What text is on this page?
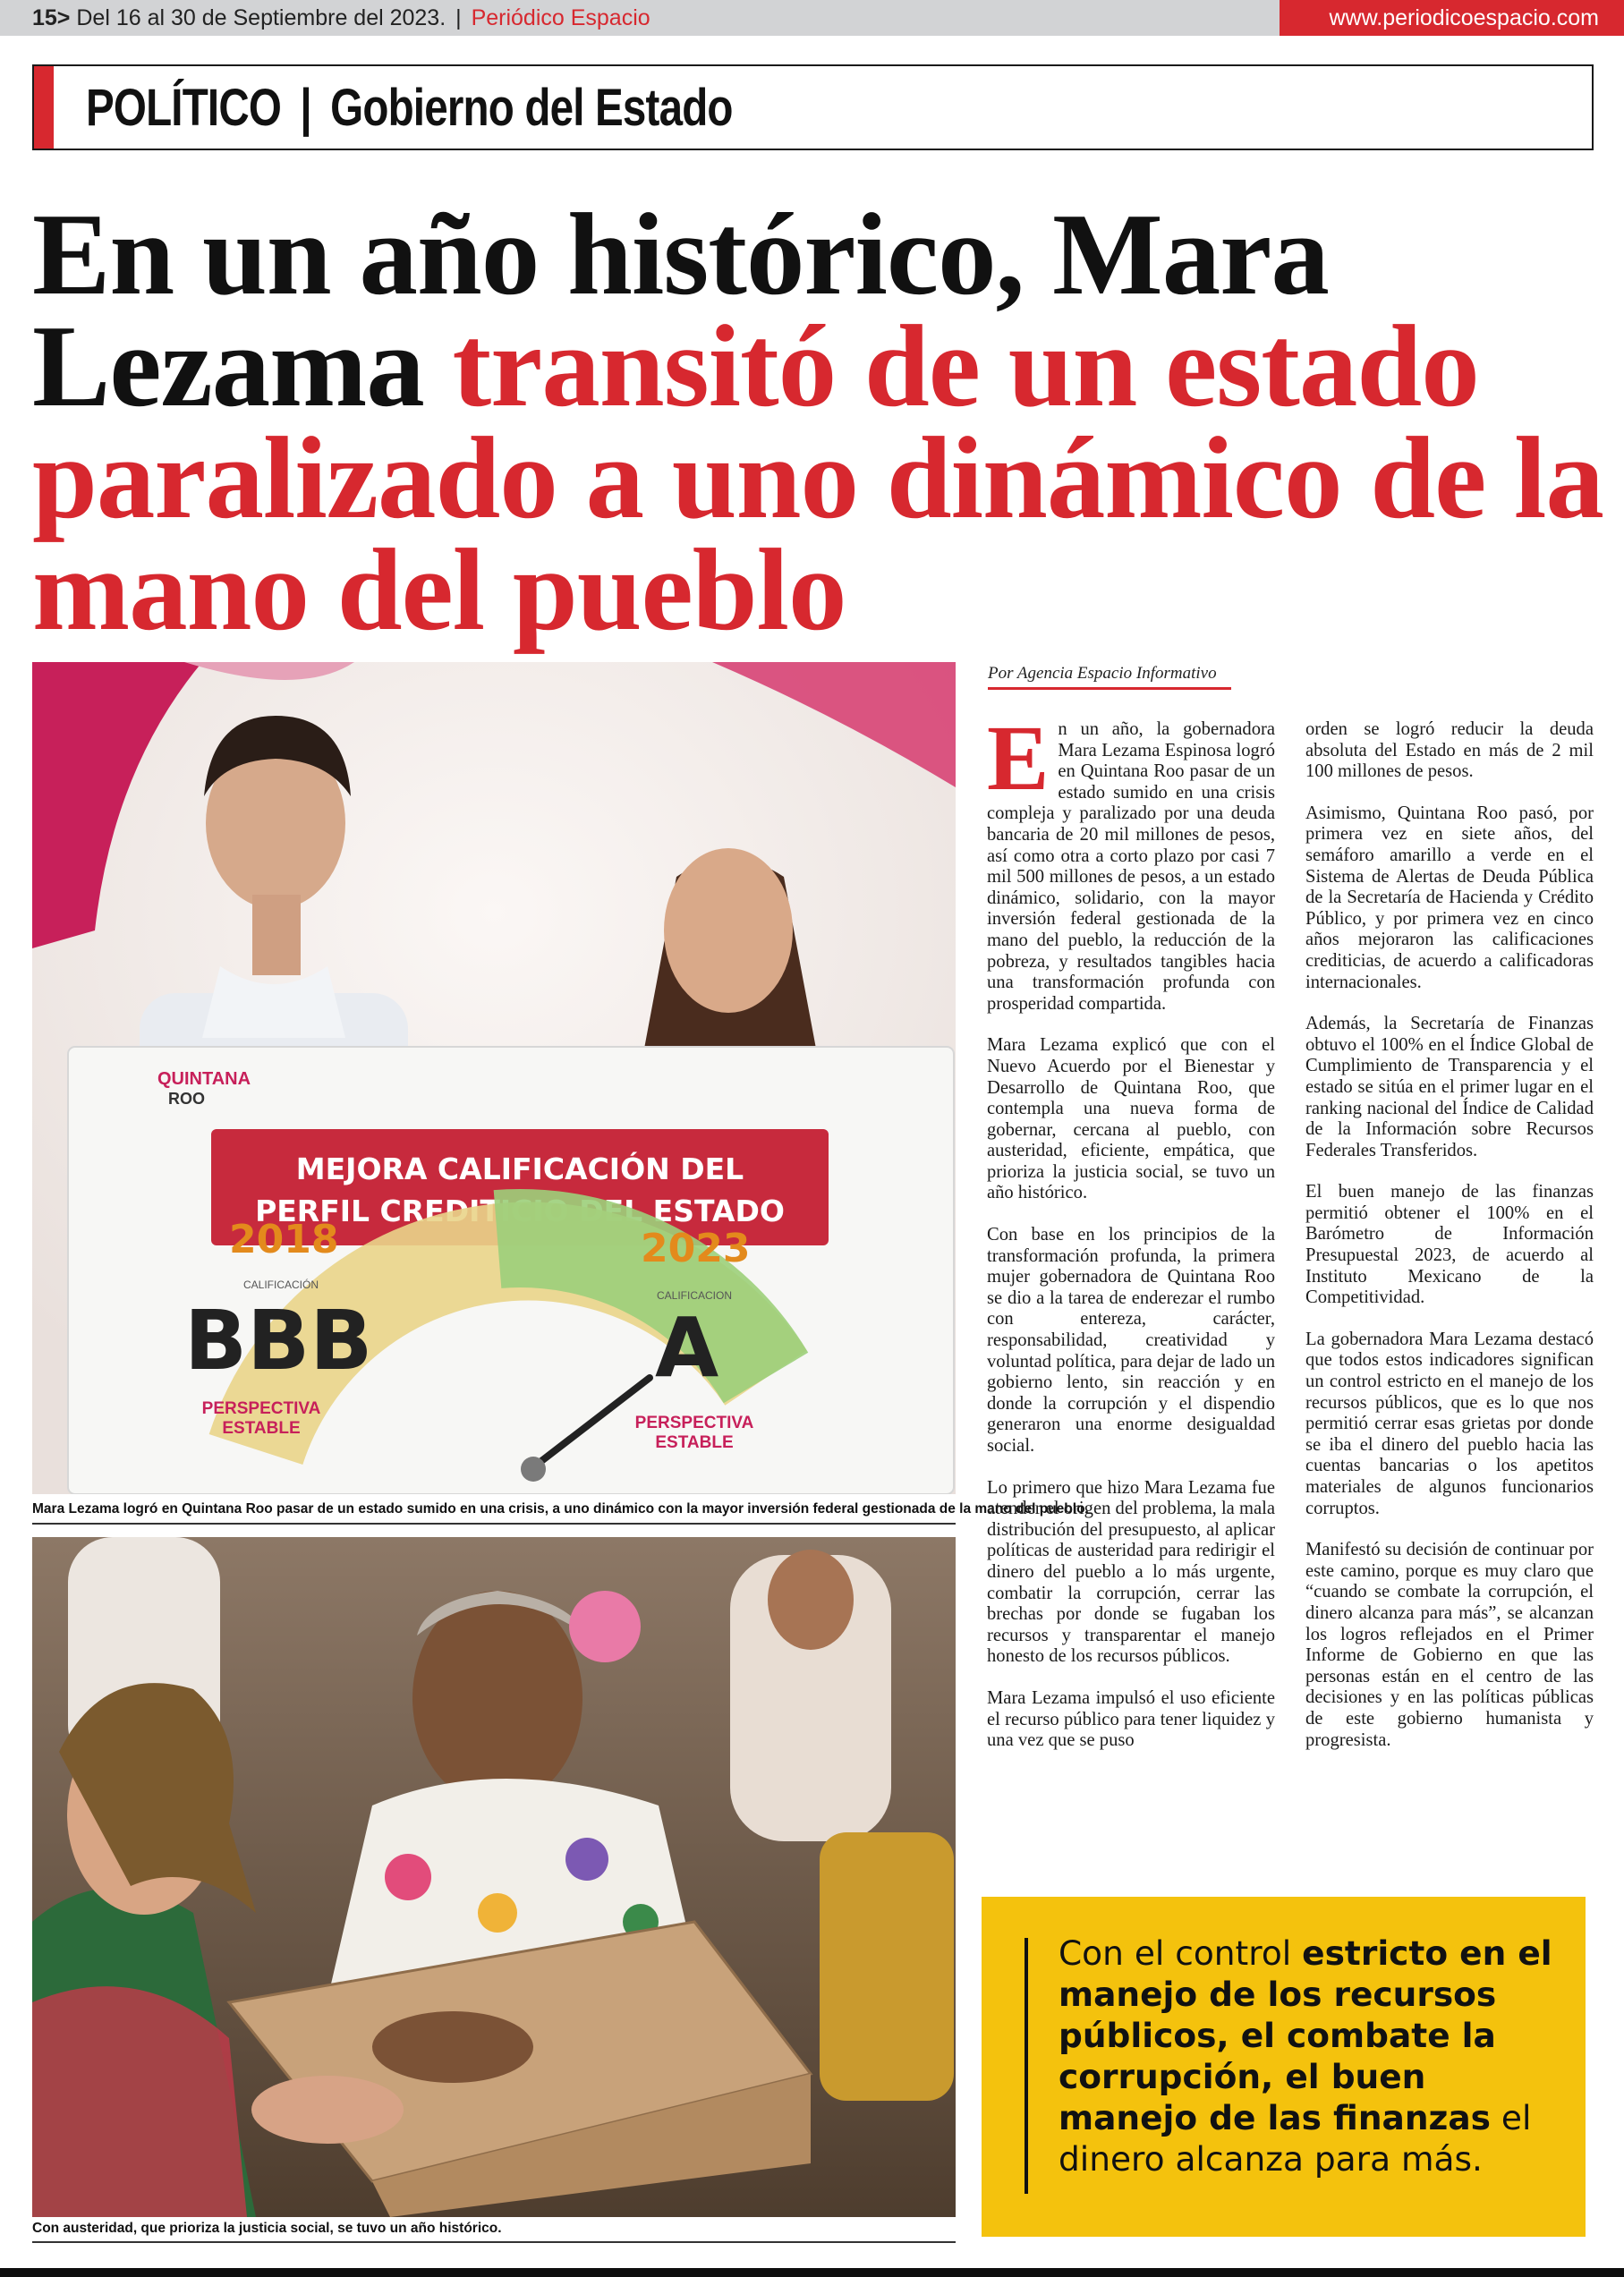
15> Del 16 al 30 de Septiembre del 2023. | Periódico Espacio	www.periodicoespacio.com
POLÍTICO | Gobierno del Estado
En un año histórico, Mara Lezama transitó de un estado paralizado a uno dinámico de la mano del pueblo
QUINTANA
ROO
MEJORA CALIFICACIÓN DEL
PERFIL CREDITICIO DEL ESTADO
2018	2023
CALIFICACIÓN
CALIFICACION
BBB	A
PERSPECTIVA
ESTABLE	PERSPECTIVA
ESTABLE
Mara Lezama logró en Quintana Roo pasar de un estado sumido en una crisis, a uno dinámico con la mayor inversión federal gestionada de la mano del pueblo.
Con austeridad, que prioriza la justicia social, se tuvo un año histórico.
Por Agencia Espacio Informativo

En un año, la gobernadora Mara Lezama Espinosa logró en Quintana Roo pasar de un estado sumido en una crisis compleja y paralizado por una deuda bancaria de 20 mil millones de pesos, así como otra a corto plazo por casi 7 mil 500 millones de pesos, a un estado dinámico, solidario, con la mayor inversión federal gestionada de la mano del pueblo, la reducción de la pobreza, y resultados tangibles hacia una transformación profunda con prosperidad compartida.

Mara Lezama explicó que con el Nuevo Acuerdo por el Bienestar y Desarrollo de Quintana Roo, que contempla una nueva forma de gobernar, cercana al pueblo, con austeridad, eficiente, empática, que prioriza la justicia social, se tuvo un año histórico.

Con base en los principios de la transformación profunda, la primera mujer gobernadora de Quintana Roo se dio a la tarea de enderezar el rumbo con entereza, carácter, responsabilidad, creatividad y voluntad política, para dejar de lado un gobierno lento, sin reacción y en donde la corrupción y el dispendio generaron una enorme desigualdad social.

Lo primero que hizo Mara Lezama fue atender el origen del problema, la mala distribución del presupuesto, al aplicar políticas de austeridad para redirigir el dinero del pueblo a lo más urgente, combatir la corrupción, cerrar las brechas por donde se fugaban los recursos y transparentar el manejo honesto de los recursos públicos.

Mara Lezama impulsó el uso eficiente el recurso público para tener liquidez y una vez que se puso

orden se logró reducir la deuda absoluta del Estado en más de 2 mil 100 millones de pesos.

Asimismo, Quintana Roo pasó, por primera vez en siete años, del semáforo amarillo a verde en el Sistema de Alertas de Deuda Pública de la Secretaría de Hacienda y Crédito Público, y por primera vez en cinco años mejoraron las calificaciones crediticias, de acuerdo a calificadoras internacionales.

Además, la Secretaría de Finanzas obtuvo el 100% en el Índice Global de Cumplimiento de Transparencia y el estado se sitúa en el primer lugar en el ranking nacional del Índice de Calidad de la Información sobre Recursos Federales Transferidos.

El buen manejo de las finanzas permitió obtener el 100% en el Barómetro de Información Presupuestal 2023, de acuerdo al Instituto Mexicano de la Competitividad.

La gobernadora Mara Lezama destacó que todos estos indicadores significan un control estricto en el manejo de los recursos públicos, que es lo que nos permitió cerrar esas grietas por donde se iba el dinero del pueblo hacia las cuentas bancarias o los apetitos materiales de algunos funcionarios corruptos.

Manifestó su decisión de continuar por este camino, porque es muy claro que “cuando se combate la corrupción, el dinero alcanza para más”, se alcanzan los logros reflejados en el Primer Informe de Gobierno en que las personas están en el centro de las decisiones y en las políticas públicas de este gobierno humanista y progresista.

Con el control estricto en el manejo de los recursos públicos, el combate la corrupción, el buen manejo de las finanzas el dinero alcanza para más.
